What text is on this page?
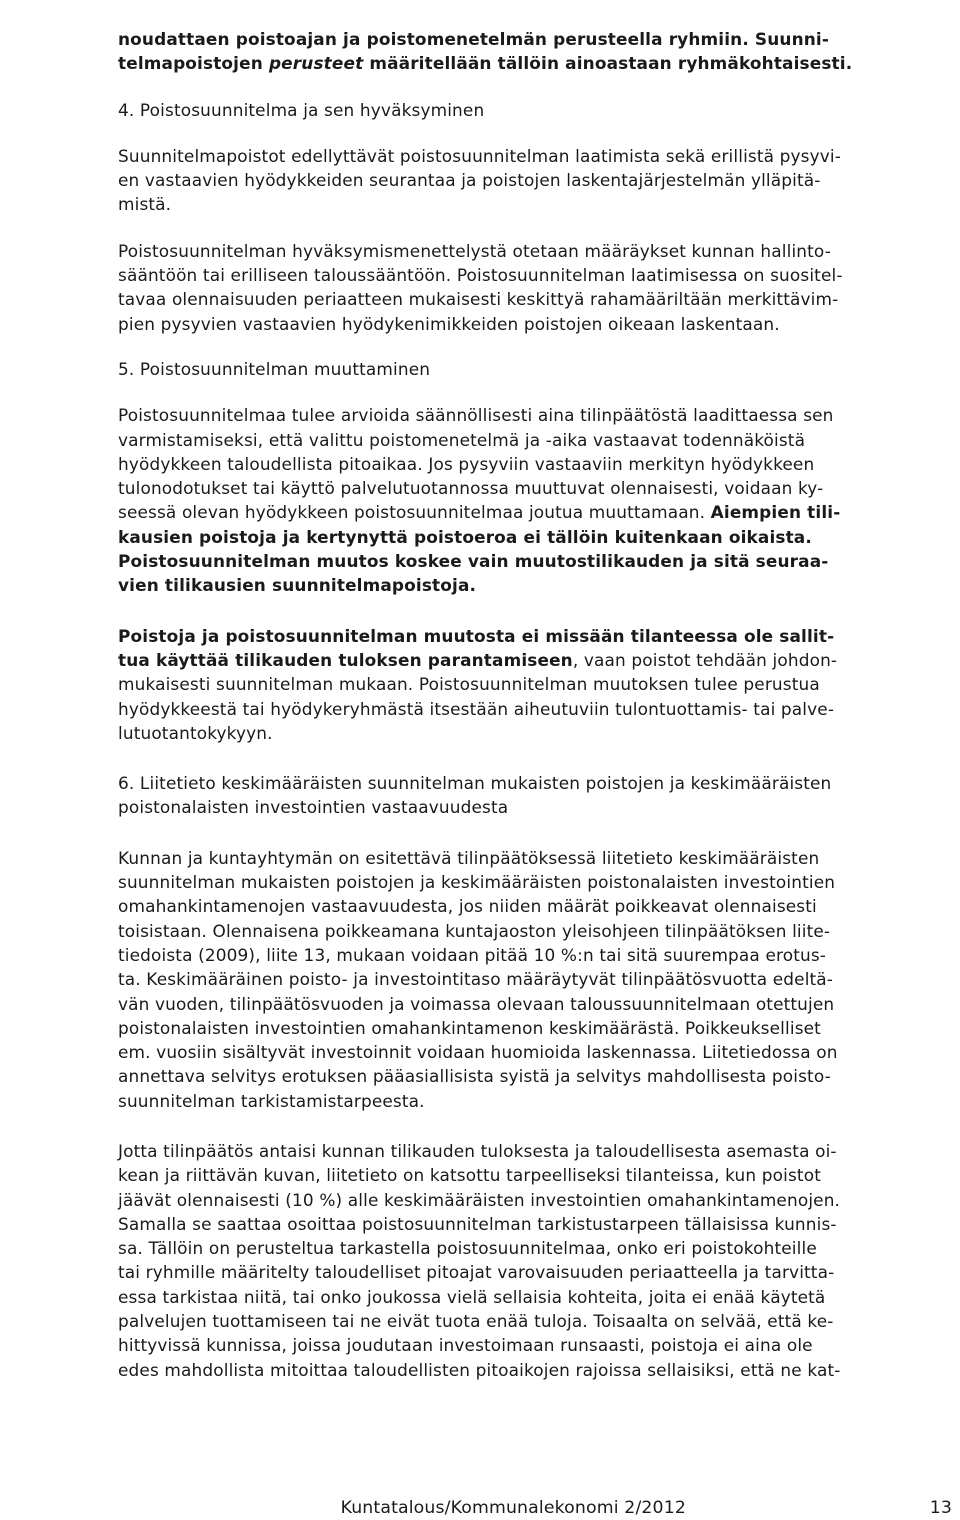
noudattaen poistoajan ja poistomenetelmän perusteella ryhmiin. Suunni-
telmapoistojen perusteet määritellään tällöin ainoastaan ryhmäkohtaisesti.
4. Poistosuunnitelma ja sen hyväksyminen
Suunnitelmapoistot edellyttävät poistosuunnitelman laatimista sekä erillistä pysyvi-
en vastaavien hyödykkeiden seurantaa ja poistojen laskentajärjestelmän ylläpitä-
mistä.
Poistosuunnitelman hyväksymismenettelystä otetaan määräykset kunnan hallinto-
sääntöön tai erilliseen taloussääntöön. Poistosuunnitelman laatimisessa on suositel-
tavaa olennaisuuden periaatteen mukaisesti keskittyä rahamääriltään merkittävim-
pien pysyvien vastaavien hyödykenimikkeiden poistojen oikeaan laskentaan.
5. Poistosuunnitelman muuttaminen
Poistosuunnitelmaa tulee arvioida säännöllisesti aina tilinpäätöstä laadittaessa sen
varmistamiseksi, että valittu poistomenetelmä ja -aika vastaavat todennäköistä
hyödykkeen taloudellista pitoaikaa. Jos pysyviin vastaaviin merkityn hyödykkeen
tulonodotukset tai käyttö palvelutuotannossa muuttuvat olennaisesti, voidaan ky-
seessä olevan hyödykkeen poistosuunnitelmaa joutua muuttamaan. Aiempien tili-
kausien poistoja ja kertynyttä poistoeroa ei tällöin kuitenkaan oikaista.
Poistosuunnitelman muutos koskee vain muutostilikauden ja sitä seuraa-
vien tilikausien suunnitelmapoistoja.
Poistoja ja poistosuunnitelman muutosta ei missään tilanteessa ole sallit-
tua käyttää tilikauden tuloksen parantamiseen, vaan poistot tehdään johdon-
mukaisesti suunnitelman mukaan. Poistosuunnitelman muutoksen tulee perustua
hyödykkeestä tai hyödykeryhmästä itsestään aiheutuviin tulontuottamis- tai palve-
lutuotantokykyyn.
6. Liitetieto keskimääräisten suunnitelman mukaisten poistojen ja keskimääräisten
poistonalaisten investointien vastaavuudesta
Kunnan ja kuntayhtymän on esitettävä tilinpäätöksessä liitetieto keskimääräisten
suunnitelman mukaisten poistojen ja keskimääräisten poistonalaisten investointien
omahankintamenojen vastaavuudesta, jos niiden määrät poikkeavat olennaisesti
toisistaan. Olennaisena poikkeamana kuntajaoston yleisohjeen tilinpäätöksen liite-
tiedoista (2009), liite 13, mukaan voidaan pitää 10 %:n tai sitä suurempaa erotus-
ta. Keskimääräinen poisto- ja investointitaso määräytyvät tilinpäätösvuotta edeltä-
vän vuoden, tilinpäätösvuoden ja voimassa olevaan taloussuunnitelmaan otettujen
poistonalaisten investointien omahankintamenon keskimäärästä. Poikkeukselliset
em. vuosiin sisältyvät investoinnit voidaan huomioida laskennassa. Liitetiedossa on
annettava selvitys erotuksen pääasiallisista syistä ja selvitys mahdollisesta poisto-
suunnitelman tarkistamistarpeesta.
Jotta tilinpäätös antaisi kunnan tilikauden tuloksesta ja taloudellisesta asemasta oi-
kean ja riittävän kuvan, liitetieto on katsottu tarpeelliseksi tilanteissa, kun poistot
jäävät olennaisesti (10 %) alle keskimääräisten investointien omahankintamenojen.
Samalla se saattaa osoittaa poistosuunnitelman tarkistustarpeen tällaisissa kunnis-
sa. Tällöin on perusteltua tarkastella poistosuunnitelmaa, onko eri poistokohteille
tai ryhmille määritelty taloudelliset pitoajat varovaisuuden periaatteella ja tarvitta-
essa tarkistaa niitä, tai onko joukossa vielä sellaisia kohteita, joita ei enää käytetä
palvelujen tuottamiseen tai ne eivät tuota enää tuloja. Toisaalta on selvää, että ke-
hittyvissä kunnissa, joissa joudutaan investoimaan runsaasti, poistoja ei aina ole
edes mahdollista mitoittaa taloudellisten pitoaikojen rajoissa sellaisiksi, että ne kat-
Kuntatalous/Kommunalekonomi 2/2012	13
